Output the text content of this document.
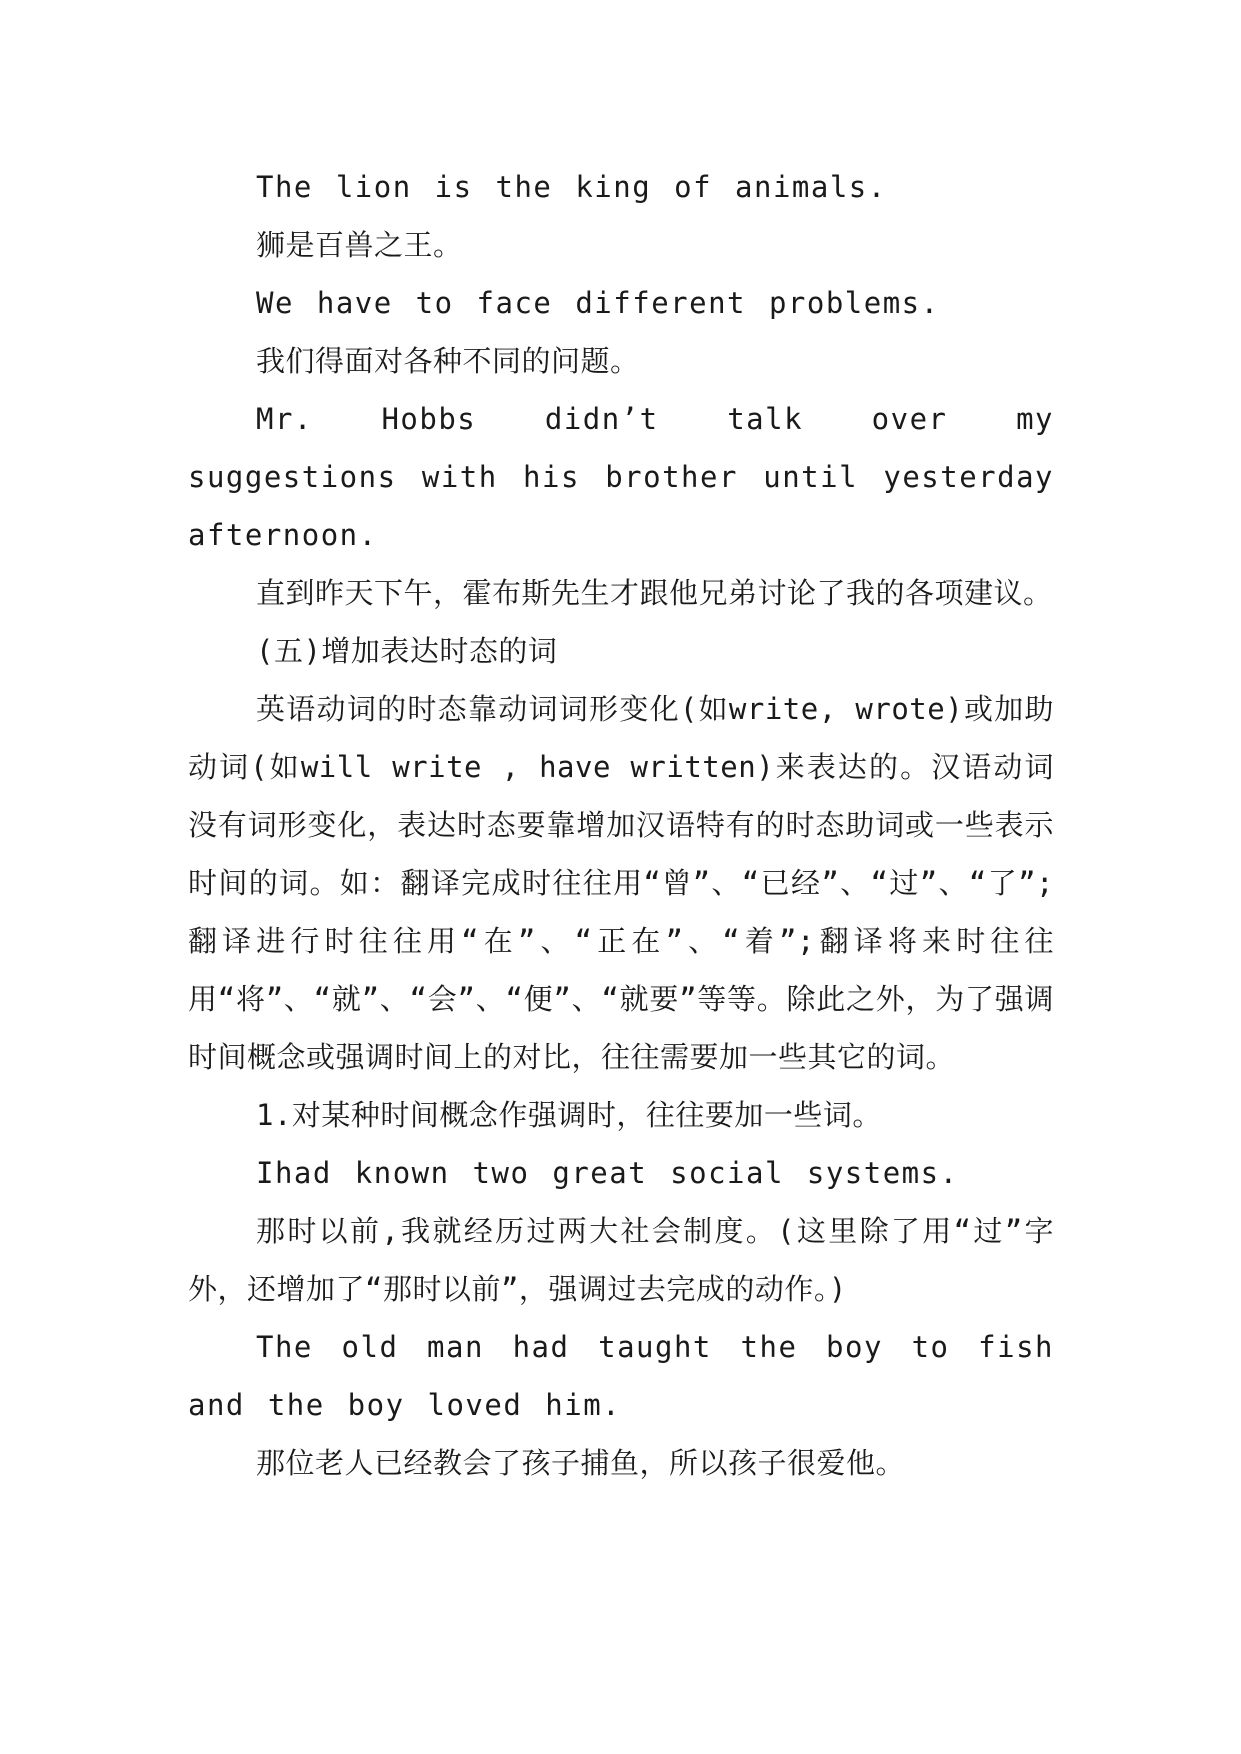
The lion is the king of animals.

狮是百兽之王。

We have to face different problems.

我们得面对各种不同的问题。

Mr. Hobbs didn’t talk over my suggestions with his brother until yesterday afternoon.

直到昨天下午，霍布斯先生才跟他兄弟讨论了我的各项建议。

(五)增加表达时态的词

英语动词的时态靠动词词形变化(如write, wrote)或加助动词(如will write , have written)来表达的。汉语动词没有词形变化，表达时态要靠增加汉语特有的时态助词或一些表示时间的词。如：翻译完成时往往用“曾”、“已经”、“过”、“了”;翻译进行时往往用“在”、“正在”、“着”;翻译将来时往往用“将”、“就”、“会”、“便”、“就要”等等。除此之外，为了强调时间概念或强调时间上的对比，往往需要加一些其它的词。

1.对某种时间概念作强调时，往往要加一些词。

Ihad known two great social systems.

那时以前,我就经历过两大社会制度。(这里除了用“过”字外，还增加了“那时以前”，强调过去完成的动作。)

The old man had taught the boy to fish and the boy loved him.

那位老人已经教会了孩子捕鱼，所以孩子很爱他。
